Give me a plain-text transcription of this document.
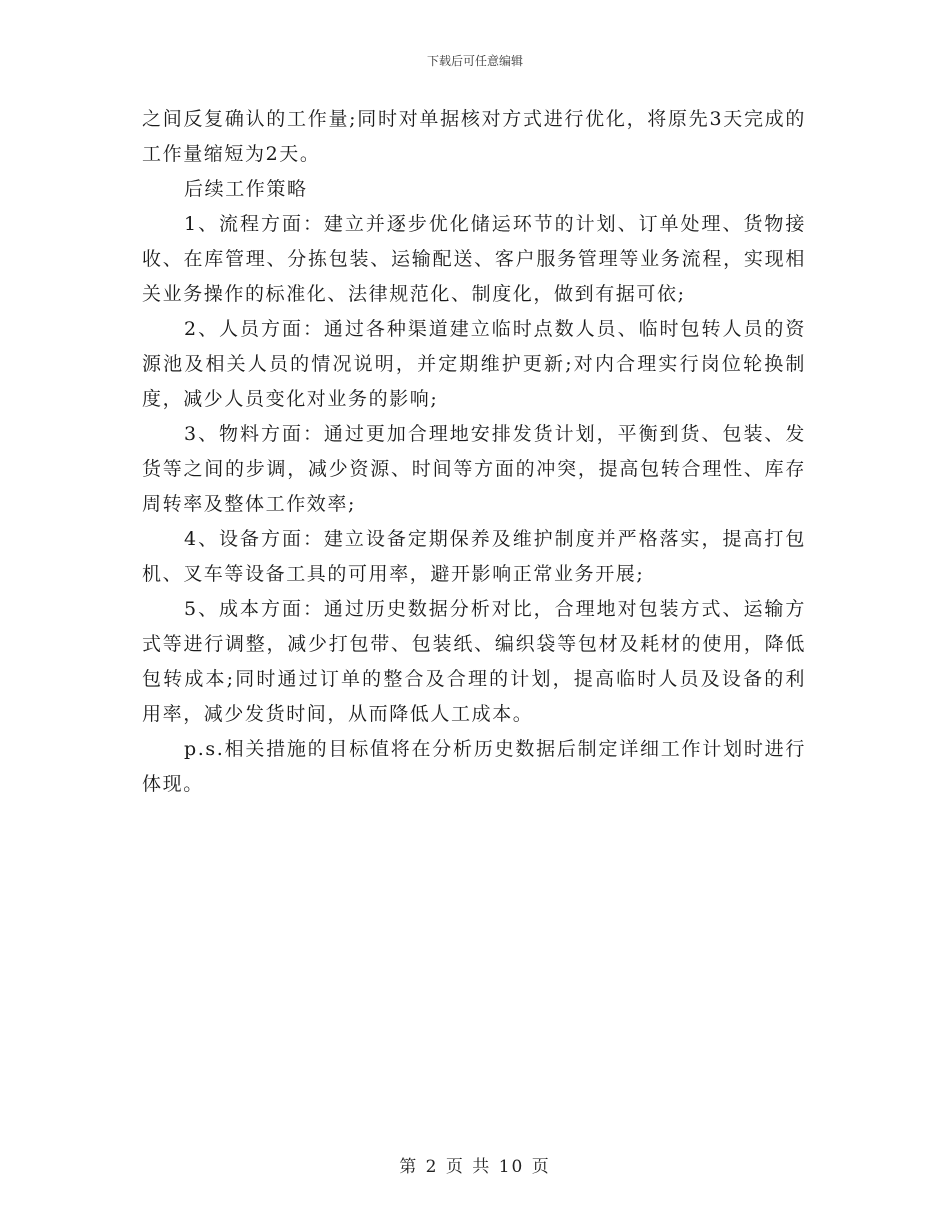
下载后可任意编辑

之间反复确认的工作量;同时对单据核对方式进行优化，将原先3天完成的工作量缩短为2天。

后续工作策略

1、流程方面：建立并逐步优化储运环节的计划、订单处理、货物接收、在库管理、分拣包装、运输配送、客户服务管理等业务流程，实现相关业务操作的标准化、法律规范化、制度化，做到有据可依;

2、人员方面：通过各种渠道建立临时点数人员、临时包转人员的资源池及相关人员的情况说明，并定期维护更新;对内合理实行岗位轮换制度，减少人员变化对业务的影响;

3、物料方面：通过更加合理地安排发货计划，平衡到货、包装、发货等之间的步调，减少资源、时间等方面的冲突，提高包转合理性、库存周转率及整体工作效率;

4、设备方面：建立设备定期保养及维护制度并严格落实，提高打包机、叉车等设备工具的可用率，避开影响正常业务开展;

5、成本方面：通过历史数据分析对比，合理地对包装方式、运输方式等进行调整，减少打包带、包装纸、编织袋等包材及耗材的使用，降低包转成本;同时通过订单的整合及合理的计划，提高临时人员及设备的利用率，减少发货时间，从而降低人工成本。

p.s.相关措施的目标值将在分析历史数据后制定详细工作计划时进行体现。

第 2 页 共 10 页
